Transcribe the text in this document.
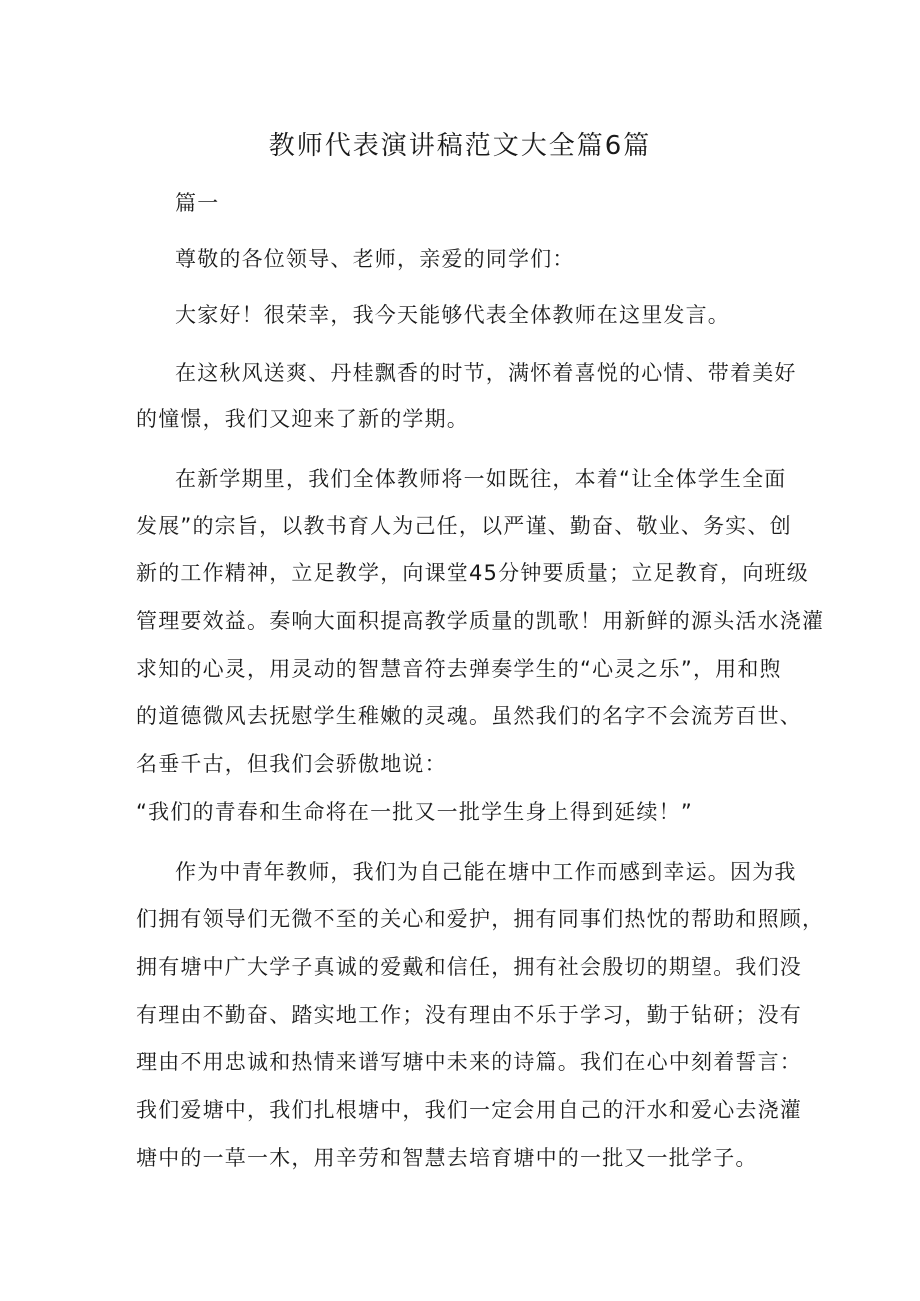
教师代表演讲稿范文大全篇6篇
篇一
尊敬的各位领导、老师，亲爱的同学们：
大家好！很荣幸，我今天能够代表全体教师在这里发言。
在这秋风送爽、丹桂飘香的时节，满怀着喜悦的心情、带着美好
的憧憬，我们又迎来了新的学期。
在新学期里，我们全体教师将一如既往，本着“让全体学生全面
发展”的宗旨，以教书育人为己任，以严谨、勤奋、敬业、务实、创
新的工作精神，立足教学，向课堂45分钟要质量；立足教育，向班级
管理要效益。奏响大面积提高教学质量的凯歌！用新鲜的源头活水浇灌
求知的心灵，用灵动的智慧音符去弹奏学生的“心灵之乐”，用和煦
的道德微风去抚慰学生稚嫩的灵魂。虽然我们的名字不会流芳百世、
名垂千古，但我们会骄傲地说：
“我们的青春和生命将在一批又一批学生身上得到延续！”
作为中青年教师，我们为自己能在塘中工作而感到幸运。因为我
们拥有领导们无微不至的关心和爱护，拥有同事们热忱的帮助和照顾，
拥有塘中广大学子真诚的爱戴和信任，拥有社会殷切的期望。我们没
有理由不勤奋、踏实地工作；没有理由不乐于学习，勤于钻研；没有
理由不用忠诚和热情来谱写塘中未来的诗篇。我们在心中刻着誓言：
我们爱塘中，我们扎根塘中，我们一定会用自己的汗水和爱心去浇灌
塘中的一草一木，用辛劳和智慧去培育塘中的一批又一批学子。
